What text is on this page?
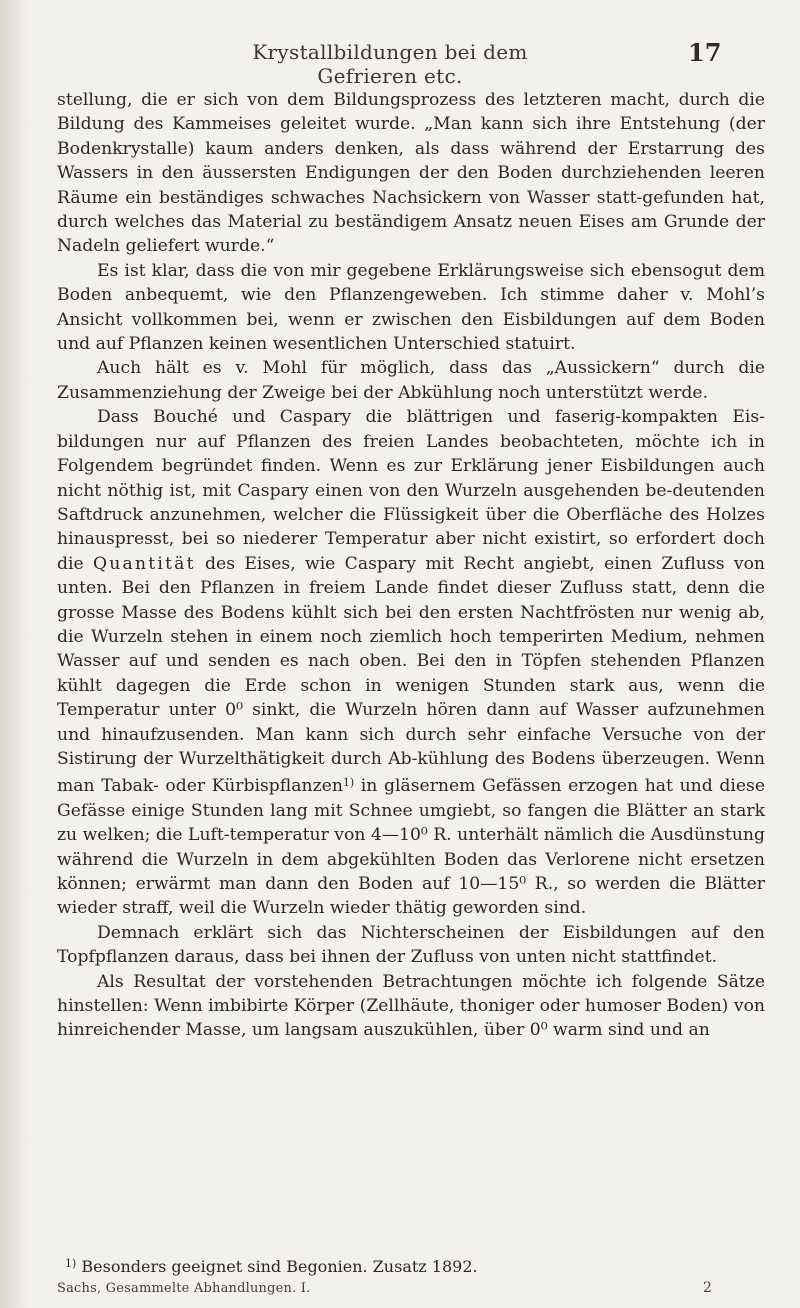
Krystallbildungen bei dem Gefrieren etc.
17

stellung, die er sich von dem Bildungsprozess des letzteren macht, durch die Bildung des Kammeises geleitet wurde. „Man kann sich ihre Entstehung (der Bodenkrystalle) kaum anders denken, als dass während der Erstarrung des Wassers in den äussersten Endigungen der den Boden durchziehenden leeren Räume ein beständiges schwaches Nachsickern von Wasser statt-gefunden hat, durch welches das Material zu beständigem Ansatz neuen Eises am Grunde der Nadeln geliefert wurde.“

Es ist klar, dass die von mir gegebene Erklärungsweise sich ebensogut dem Boden anbequemt, wie den Pflanzengeweben. Ich stimme daher v. Mohl’s Ansicht vollkommen bei, wenn er zwischen den Eisbildungen auf dem Boden und auf Pflanzen keinen wesentlichen Unterschied statuirt.

Auch hält es v. Mohl für möglich, dass das „Aussickern“ durch die Zusammenziehung der Zweige bei der Abkühlung noch unterstützt werde.

Dass Bouché und Caspary die blättrigen und faserig-kompakten Eis-bildungen nur auf Pflanzen des freien Landes beobachteten, möchte ich in Folgendem begründet finden. Wenn es zur Erklärung jener Eisbildungen auch nicht nöthig ist, mit Caspary einen von den Wurzeln ausgehenden be-deutenden Saftdruck anzunehmen, welcher die Flüssigkeit über die Oberfläche des Holzes hinauspresst, bei so niederer Temperatur aber nicht existirt, so erfordert doch die Quantität des Eises, wie Caspary mit Recht angiebt, einen Zufluss von unten. Bei den Pflanzen in freiem Lande findet dieser Zufluss statt, denn die grosse Masse des Bodens kühlt sich bei den ersten Nachtfrösten nur wenig ab, die Wurzeln stehen in einem noch ziemlich hoch temperirten Medium, nehmen Wasser auf und senden es nach oben. Bei den in Töpfen stehenden Pflanzen kühlt dagegen die Erde schon in wenigen Stunden stark aus, wenn die Temperatur unter 0⁰ sinkt, die Wurzeln hören dann auf Wasser aufzunehmen und hinaufzusenden. Man kann sich durch sehr einfache Versuche von der Sistirung der Wurzelthätigkeit durch Ab-kühlung des Bodens überzeugen. Wenn man Tabak- oder Kürbispflanzen$^{1)}$ in gläsernem Gefässen erzogen hat und diese Gefässe einige Stunden lang mit Schnee umgiebt, so fangen die Blätter an stark zu welken; die Luft-temperatur von 4—10⁰ R. unterhält nämlich die Ausdünstung während die Wurzeln in dem abgekühlten Boden das Verlorene nicht ersetzen können; erwärmt man dann den Boden auf 10—15⁰ R., so werden die Blätter wieder straff, weil die Wurzeln wieder thätig geworden sind.

Demnach erklärt sich das Nichterscheinen der Eisbildungen auf den Topfpflanzen daraus, dass bei ihnen der Zufluss von unten nicht stattfindet.

Als Resultat der vorstehenden Betrachtungen möchte ich folgende Sätze hinstellen: Wenn imbibirte Körper (Zellhäute, thoniger oder humoser Boden) von hinreichender Masse, um langsam auszukühlen, über 0⁰ warm sind und an

$^{1)}$ Besonders geeignet sind Begonien. Zusatz 1892.
Sachs, Gesammelte Abhandlungen. I.	2
